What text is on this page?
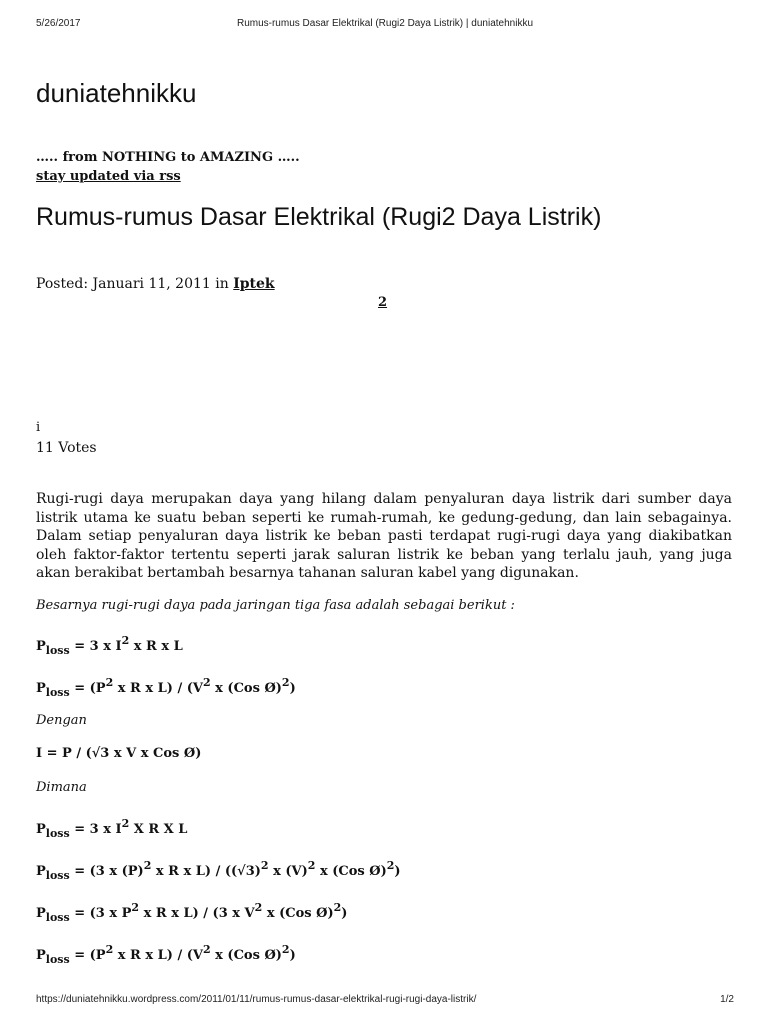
5/26/2017	Rumus-rumus Dasar Elektrikal (Rugi2 Daya Listrik) | duniatehnikku
duniatehnikku
….. from NOTHING to AMAZING …..
stay updated via rss
Rumus-rumus Dasar Elektrikal (Rugi2 Daya Listrik)
Posted: Januari 11, 2011 in Iptek
2
i
11 Votes

Rugi-rugi daya merupakan daya yang hilang dalam penyaluran daya listrik dari sumber daya listrik utama ke suatu beban seperti ke rumah-rumah, ke gedung-gedung, dan lain sebagainya. Dalam setiap penyaluran daya listrik ke beban pasti terdapat rugi-rugi daya yang diakibatkan oleh faktor-faktor tertentu seperti jarak saluran listrik ke beban yang terlalu jauh, yang juga akan berakibat bertambah besarnya tahanan saluran kabel yang digunakan.

Besarnya rugi-rugi daya pada jaringan tiga fasa adalah sebagai berikut :
$P_{loss} = 3$ x $I^2$ x R x L
$P_{loss} = (P^2$ x R x $L) / (V^2$ x (Cos Ø)$^2$)
Dengan
I = P / (√3 x V x Cos Ø)
Dimana
$P_{loss} = 3$ x $I^2$ X R X L
$P_{loss} = (3$ x $(P)^2$ x R x $L) / ((√3)^2$ x $(V)^2$ x (Cos Ø)$^2$)
$P_{loss} = (3$ x $P^2$ x R x L) / (3 x $V^2$ x (Cos Ø)$^2$)
$P_{loss} = (P^2$ x R x $L) / (V^2$ x (Cos Ø)$^2$)
https://duniatehnikku.wordpress.com/2011/01/11/rumus-rumus-dasar-elektrikal-rugi-rugi-daya-listrik/	1/2
